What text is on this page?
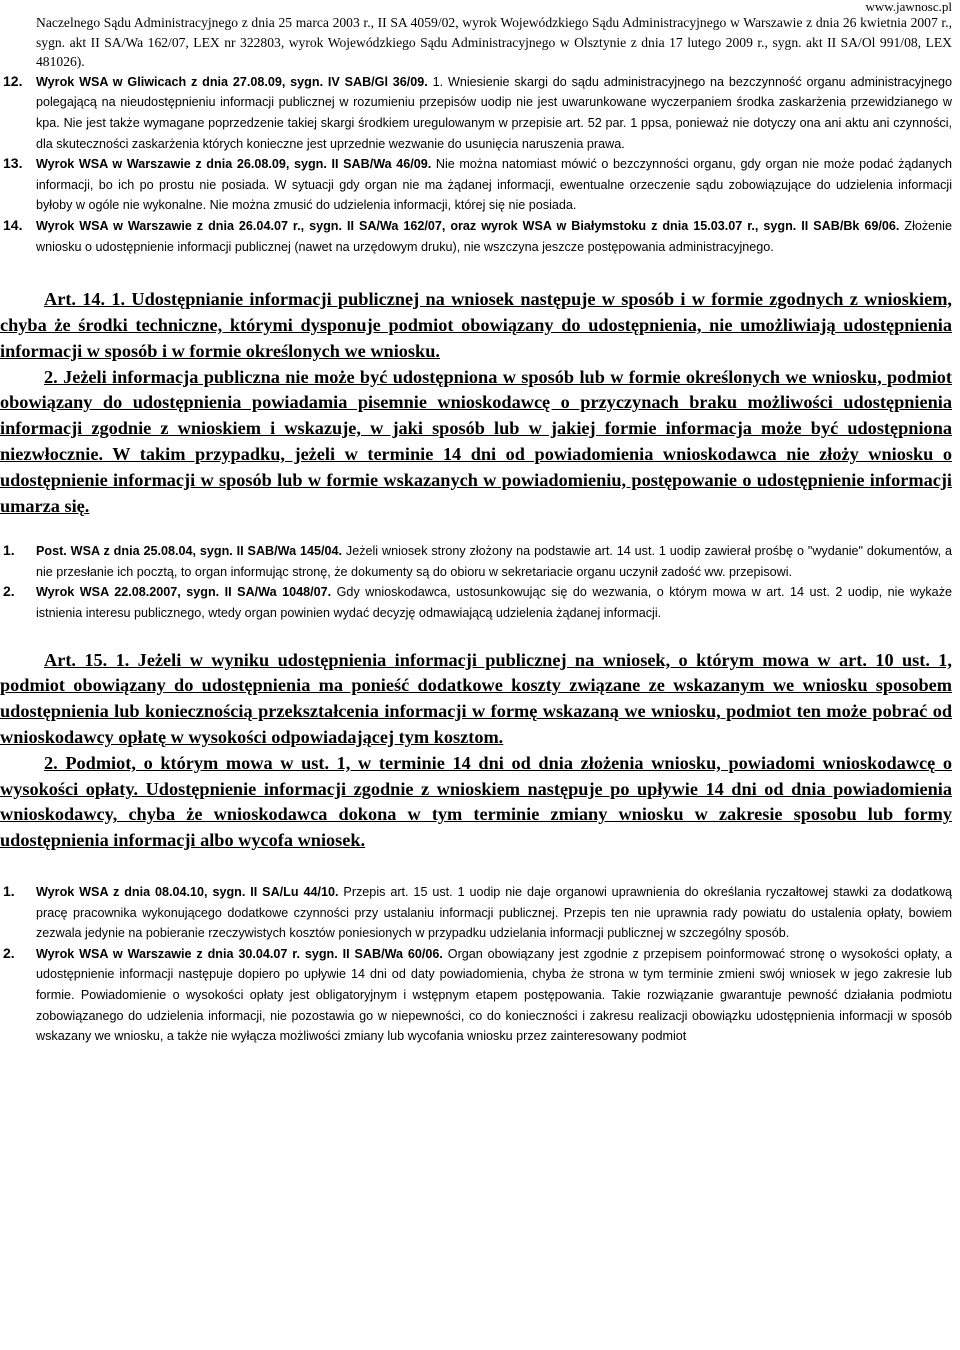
www.jawnosc.pl

Naczelnego Sądu Administracyjnego z dnia 25 marca 2003 r., II SA 4059/02, wyrok Wojewódzkiego Sądu Administracyjnego w Warszawie z dnia 26 kwietnia 2007 r., sygn. akt II SA/Wa 162/07, LEX nr 322803, wyrok Wojewódzkiego Sądu Administracyjnego w Olsztynie z dnia 17 lutego 2009 r., sygn. akt II SA/Ol 991/08, LEX 481026).

12. Wyrok WSA w Gliwicach z dnia 27.08.09, sygn. IV SAB/Gl 36/09. 1. Wniesienie skargi do sądu administracyjnego na bezczynność organu administracyjnego polegającą na nieudostępnieniu informacji publicznej w rozumieniu przepisów uodip nie jest uwarunkowane wyczerpaniem środka zaskarżenia przewidzianego w kpa. Nie jest także wymagane poprzedzenie takiej skargi środkiem uregulowanym w przepisie art. 52 par. 1 ppsa, ponieważ nie dotyczy ona ani aktu ani czynności, dla skuteczności zaskarżenia których konieczne jest uprzednie wezwanie do usunięcia naruszenia prawa.

13. Wyrok WSA w Warszawie z dnia 26.08.09, sygn. II SAB/Wa 46/09. Nie można natomiast mówić o bezczynności organu, gdy organ nie może podać żądanych informacji, bo ich po prostu nie posiada. W sytuacji gdy organ nie ma żądanej informacji, ewentualne orzeczenie sądu zobowiązujące do udzielenia informacji byłoby w ogóle nie wykonalne. Nie można zmusić do udzielenia informacji, której się nie posiada.

14. Wyrok WSA w Warszawie z dnia 26.04.07 r., sygn. II SA/Wa 162/07, oraz wyrok WSA w Białymstoku z dnia 15.03.07 r., sygn. II SAB/Bk 69/06. Złożenie wniosku o udostępnienie informacji publicznej (nawet na urzędowym druku), nie wszczyna jeszcze postępowania administracyjnego.

Art. 14. 1. Udostępnianie informacji publicznej na wniosek następuje w sposób i w formie zgodnych z wnioskiem, chyba że środki techniczne, którymi dysponuje podmiot obowiązany do udostępnienia, nie umożliwiają udostępnienia informacji w sposób i w formie określonych we wniosku.

2. Jeżeli informacja publiczna nie może być udostępniona w sposób lub w formie określonych we wniosku, podmiot obowiązany do udostępnienia powiadamia pisemnie wnioskodawcę o przyczynach braku możliwości udostępnienia informacji zgodnie z wnioskiem i wskazuje, w jaki sposób lub w jakiej formie informacja może być udostępniona niezwłocznie. W takim przypadku, jeżeli w terminie 14 dni od powiadomienia wnioskodawca nie złoży wniosku o udostępnienie informacji w sposób lub w formie wskazanych w powiadomieniu, postępowanie o udostępnienie informacji umarza się.

1. Post. WSA z dnia 25.08.04, sygn. II SAB/Wa 145/04. Jeżeli wniosek strony złożony na podstawie art. 14 ust. 1 uodip zawierał prośbę o "wydanie" dokumentów, a nie przesłanie ich pocztą, to organ informując stronę, że dokumenty są do obioru w sekretariacie organu uczynił zadość ww. przepisowi.

2. Wyrok WSA 22.08.2007, sygn. II SA/Wa 1048/07. Gdy wnioskodawca, ustosunkowując się do wezwania, o którym mowa w art. 14 ust. 2 uodip, nie wykaże istnienia interesu publicznego, wtedy organ powinien wydać decyzję odmawiającą udzielenia żądanej informacji.

Art. 15. 1. Jeżeli w wyniku udostępnienia informacji publicznej na wniosek, o którym mowa w art. 10 ust. 1, podmiot obowiązany do udostępnienia ma ponieść dodatkowe koszty związane ze wskazanym we wniosku sposobem udostępnienia lub koniecznością przekształcenia informacji w formę wskazaną we wniosku, podmiot ten może pobrać od wnioskodawcy opłatę w wysokości odpowiadającej tym kosztom.

2. Podmiot, o którym mowa w ust. 1, w terminie 14 dni od dnia złożenia wniosku, powiadomi wnioskodawcę o wysokości opłaty. Udostępnienie informacji zgodnie z wnioskiem następuje po upływie 14 dni od dnia powiadomienia wnioskodawcy, chyba że wnioskodawca dokona w tym terminie zmiany wniosku w zakresie sposobu lub formy udostępnienia informacji albo wycofa wniosek.

1. Wyrok WSA z dnia 08.04.10, sygn. II SA/Lu 44/10. Przepis art. 15 ust. 1 uodip nie daje organowi uprawnienia do określania ryczałtowej stawki za dodatkową pracę pracownika wykonującego dodatkowe czynności przy ustalaniu informacji publicznej. Przepis ten nie uprawnia rady powiatu do ustalenia opłaty, bowiem zezwala jedynie na pobieranie rzeczywistych kosztów poniesionych w przypadku udzielania informacji publicznej w szczególny sposób.

2. Wyrok WSA w Warszawie z dnia 30.04.07 r. sygn. II SAB/Wa 60/06. Organ obowiązany jest zgodnie z przepisem poinformować stronę o wysokości opłaty, a udostępnienie informacji następuje dopiero po upływie 14 dni od daty powiadomienia, chyba że strona w tym terminie zmieni swój wniosek w jego zakresie lub formie. Powiadomienie o wysokości opłaty jest obligatoryjnym i wstępnym etapem postępowania. Takie rozwiązanie gwarantuje pewność działania podmiotu zobowiązanego do udzielenia informacji, nie pozostawia go w niepewności, co do konieczności i zakresu realizacji obowiązku udostępnienia informacji w sposób wskazany we wniosku, a także nie wyłącza możliwości zmiany lub wycofania wniosku przez zainteresowany podmiot
